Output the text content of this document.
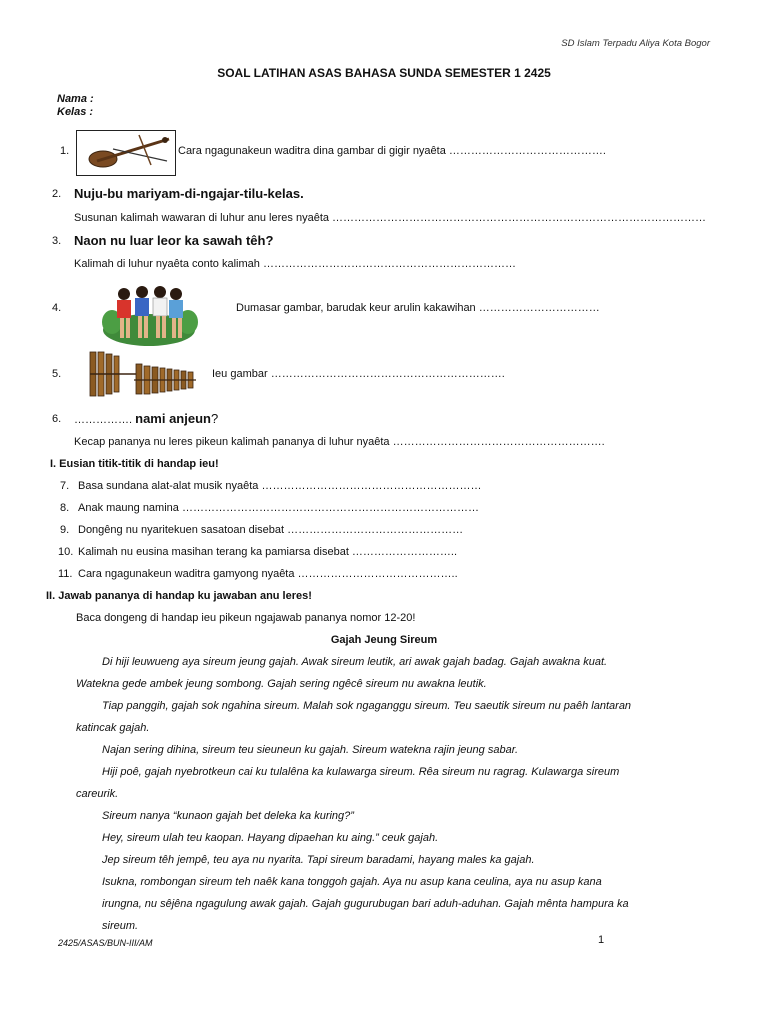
SD Islam Terpadu Aliya Kota Bogor
SOAL LATIHAN ASAS BAHASA SUNDA SEMESTER 1 2425
Nama :
Kelas :
1.	Cara ngagunakeun waditra dina gambar di gigir nyaêta …………………………………….
2. Nuju-bu mariyam-di-ngajar-tilu-kelas.
Susunan kalimah wawaran di luhur anu leres nyaêta …………………………………………………………………………………………
3. Naon nu luar leor ka sawah têh?
Kalimah di luhur nyaêta conto kalimah ……………………………………………………………
4.	Dumasar gambar, barudak keur arulin kakawihan ……………………………
5.	Ieu gambar ……………………………………………………….
6. ……………. nami anjeun?
Kecap pananya nu leres pikeun kalimah pananya di luhur nyaêta ………………………………………………….
I. Eusian titik-titik di handap ieu!
7. Basa sundana alat-alat musik nyaêta ……………………………………………………
8. Anak maung namina ………………………………………………………………………
9. Dongêng nu nyaritekuen sasatoan disebat …………………………………………
10. Kalimah nu eusina masihan terang ka pamiarsa disebat ………………………..
11. Cara ngagunakeun waditra gamyong nyaêta ……………………………………..
II. Jawab pananya di handap ku jawaban anu leres!
Baca dongeng di handap ieu pikeun ngajawab pananya nomor 12-20!
Gajah Jeung Sireum
Di hiji leuwueng aya sireum jeung gajah. Awak sireum leutik, ari awak gajah badag. Gajah awakna kuat.
Watekna gede ambek jeung sombong. Gajah sering ngêcê sireum nu awakna leutik.
Tiap panggih, gajah sok ngahina sireum. Malah sok ngaganggu sireum. Teu saeutik sireum nu paêh lantaran
katincak gajah.
Najan sering dihina, sireum teu sieuneun ku gajah. Sireum watekna rajin jeung sabar.
Hiji poê, gajah nyebrotkeun cai ku tulalêna ka kulawarga sireum. Rêa sireum nu ragrag. Kulawarga sireum
careurik.
Sireum nanya “kunaon gajah bet deleka ka kuring?”
Hey, sireum ulah teu kaopan. Hayang dipaehan ku aing.” ceuk gajah.
Jep sireum têh jempê, teu aya nu nyarita. Tapi sireum baradami, hayang males ka gajah.
Isukna, rombongan sireum teh naêk kana tonggoh gajah. Aya nu asup kana ceulina, aya nu asup kana
irungna, nu sêjêna ngagulung awak gajah. Gajah gugurubugan bari aduh-aduhan. Gajah mênta hampura ka
sireum.
2425/ASAS/BUN-III/AM	1
